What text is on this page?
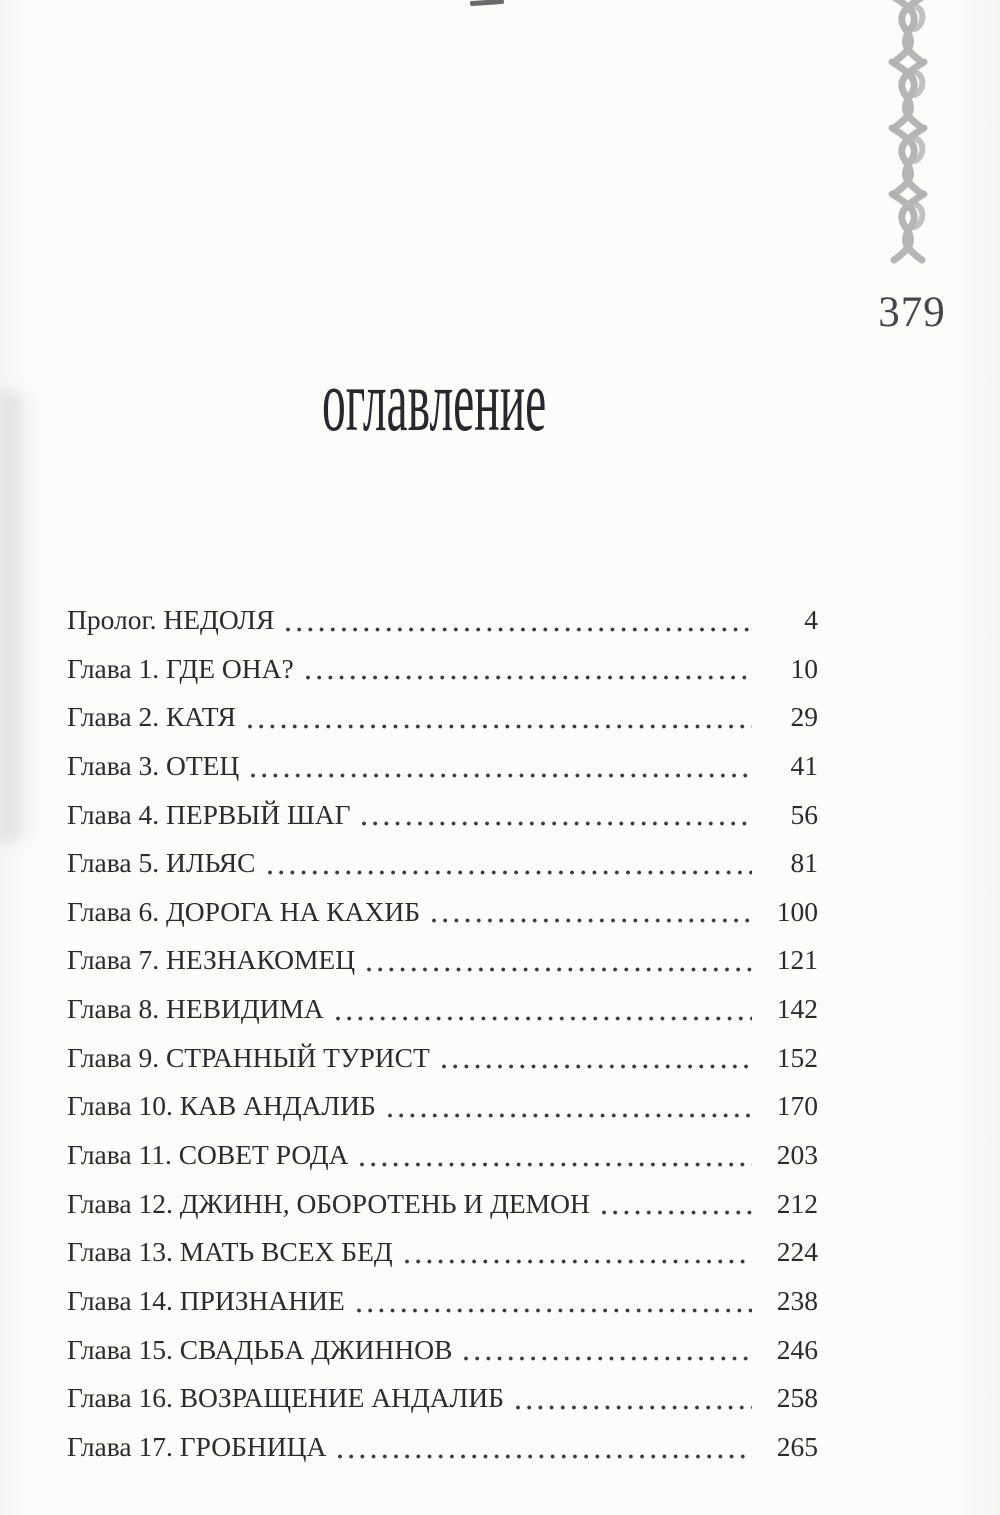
379
оглавление
Пролог. НЕДОЛЯ	4
Глава 1. ГДЕ ОНА?	10
Глава 2. КАТЯ	29
Глава 3. ОТЕЦ	41
Глава 4. ПЕРВЫЙ ШАГ	56
Глава 5. ИЛЬЯС	81
Глава 6. ДОРОГА НА КАХИБ	100
Глава 7. НЕЗНАКОМЕЦ	121
Глава 8. НЕВИДИМА	142
Глава 9. СТРАННЫЙ ТУРИСТ	152
Глава 10. КАВ АНДАЛИБ	170
Глава 11. СОВЕТ РОДА	203
Глава 12. ДЖИНН, ОБОРОТЕНЬ И ДЕМОН	212
Глава 13. МАТЬ ВСЕХ БЕД	224
Глава 14. ПРИЗНАНИЕ	238
Глава 15. СВАДЬБА ДЖИННОВ	246
Глава 16. ВОЗРАЩЕНИЕ АНДАЛИБ	258
Глава 17. ГРОБНИЦА	265
